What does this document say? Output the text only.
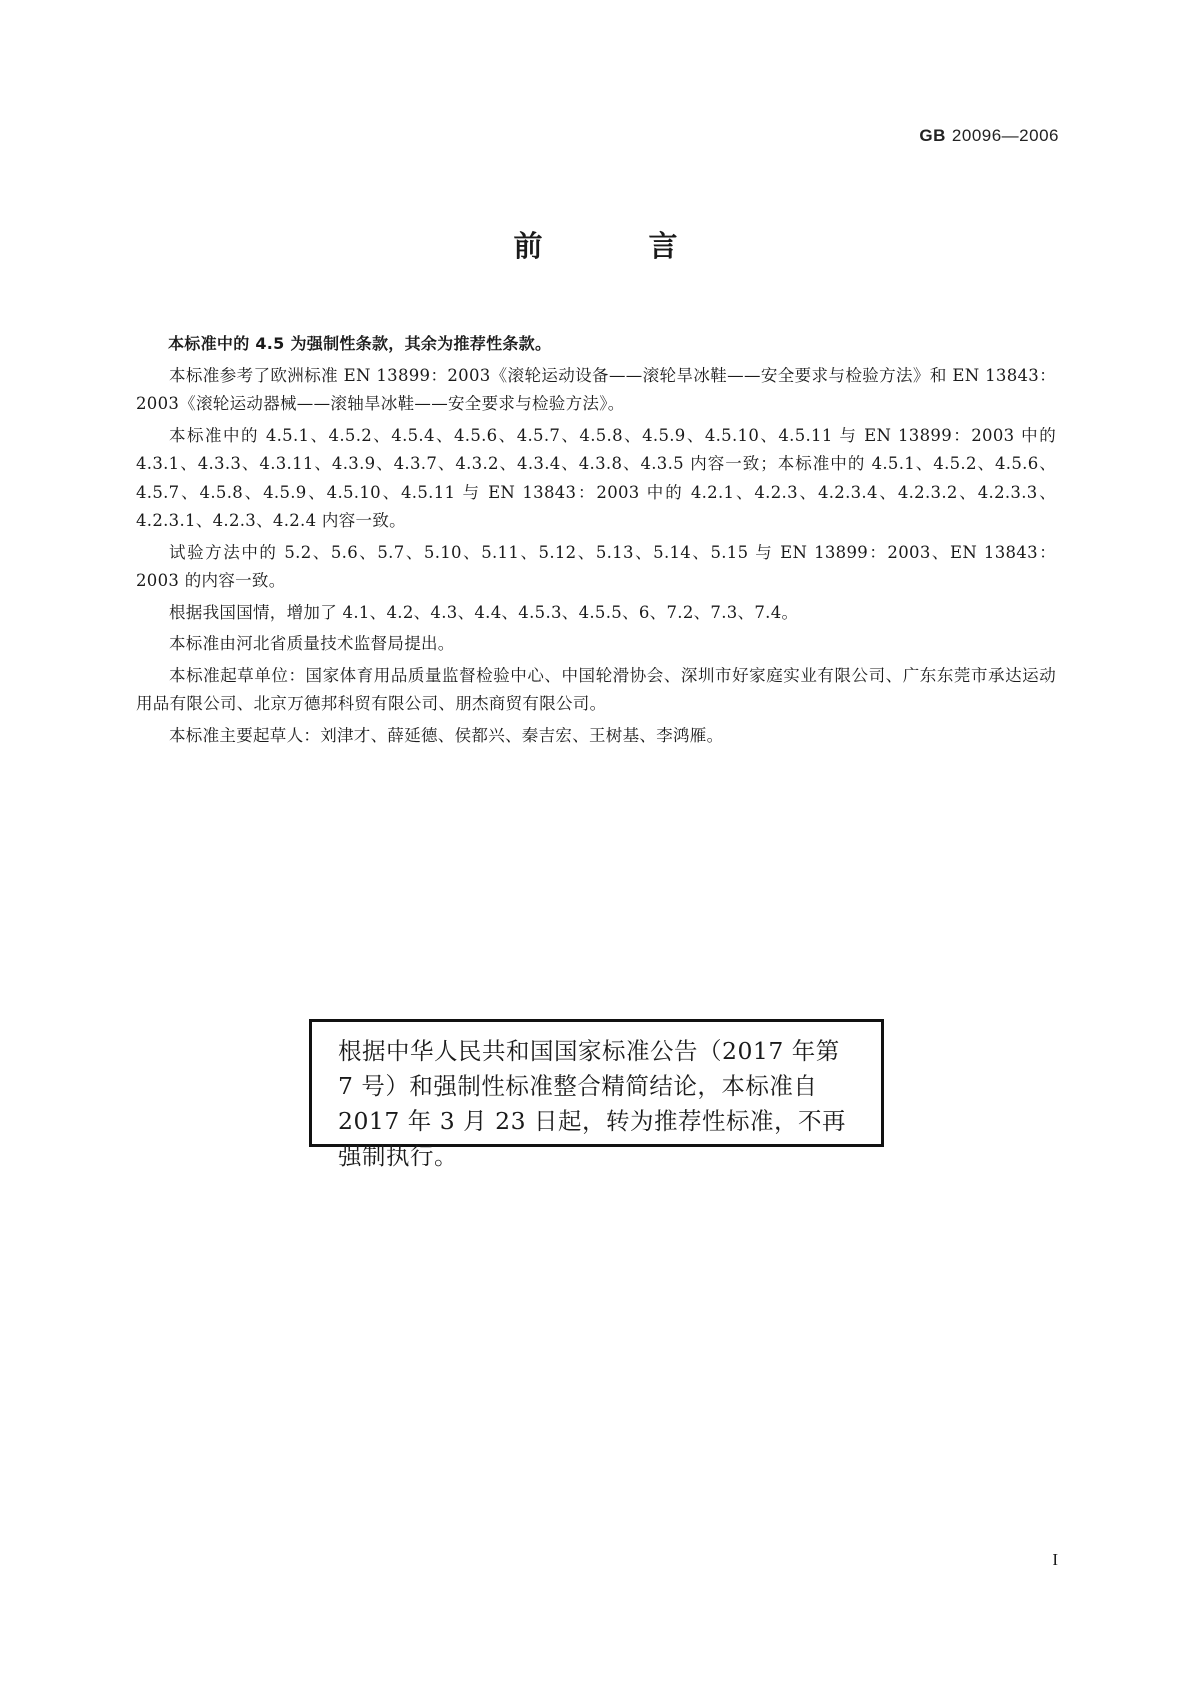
GB 20096—2006
前 言

本标准中的 4.5 为强制性条款，其余为推荐性条款。

本标准参考了欧洲标准 EN 13899：2003《滚轮运动设备——滚轮旱冰鞋——安全要求与检验方法》和 EN 13843：2003《滚轮运动器械——滚轴旱冰鞋——安全要求与检验方法》。

本标准中的 4.5.1、4.5.2、4.5.4、4.5.6、4.5.7、4.5.8、4.5.9、4.5.10、4.5.11 与 EN 13899：2003 中的 4.3.1、4.3.3、4.3.11、4.3.9、4.3.7、4.3.2、4.3.4、4.3.8、4.3.5 内容一致；本标准中的 4.5.1、4.5.2、4.5.6、4.5.7、4.5.8、4.5.9、4.5.10、4.5.11 与 EN 13843：2003 中的 4.2.1、4.2.3、4.2.3.4、4.2.3.2、4.2.3.3、4.2.3.1、4.2.3、4.2.4 内容一致。

试验方法中的 5.2、5.6、5.7、5.10、5.11、5.12、5.13、5.14、5.15 与 EN 13899：2003、EN 13843：2003 的内容一致。

根据我国国情，增加了 4.1、4.2、4.3、4.4、4.5.3、4.5.5、6、7.2、7.3、7.4。

本标准由河北省质量技术监督局提出。

本标准起草单位：国家体育用品质量监督检验中心、中国轮滑协会、深圳市好家庭实业有限公司、广东东莞市承达运动用品有限公司、北京万德邦科贸有限公司、朋杰商贸有限公司。

本标准主要起草人：刘津才、薛延德、侯都兴、秦吉宏、王树基、李鸿雁。

根据中华人民共和国国家标准公告（2017 年第 7 号）和强制性标准整合精简结论，本标准自 2017 年 3 月 23 日起，转为推荐性标准，不再强制执行。
I
